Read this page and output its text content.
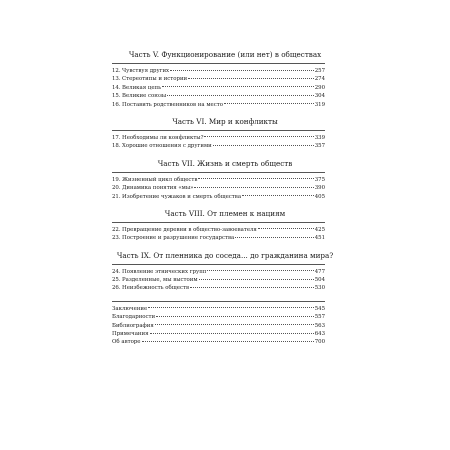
Часть V. Функционирование (или нет) в обществах
12. Чувствуя других	257
13. Стереотипы и истории	274
14. Великая цепь	290
15. Великие союзы	304
16. Поставить родственников на место	319
Часть VI. Мир и конфликты
17. Необходимы ли конфликты?	339
18. Хорошие отношения с другими	357
Часть VII. Жизнь и смерть обществ
19. Жизненный цикл обществ	375
20. Динамика понятия «мы»	390
21. Изобретение чужаков и смерть общества	405
Часть VIII. От племен к нациям
22. Превращение деревни в общество-завоевателя	425
23. Построение и разрушение государства	451
Часть IX. От пленника до соседа... до гражданина мира?
24. Появление этнических групп	477
25. Разделенные, мы выстоим	504
26. Неизбежность обществ	530
Заключение	545
Благодарности	557
Библиография	563
Примечания	643
Об авторе	700
